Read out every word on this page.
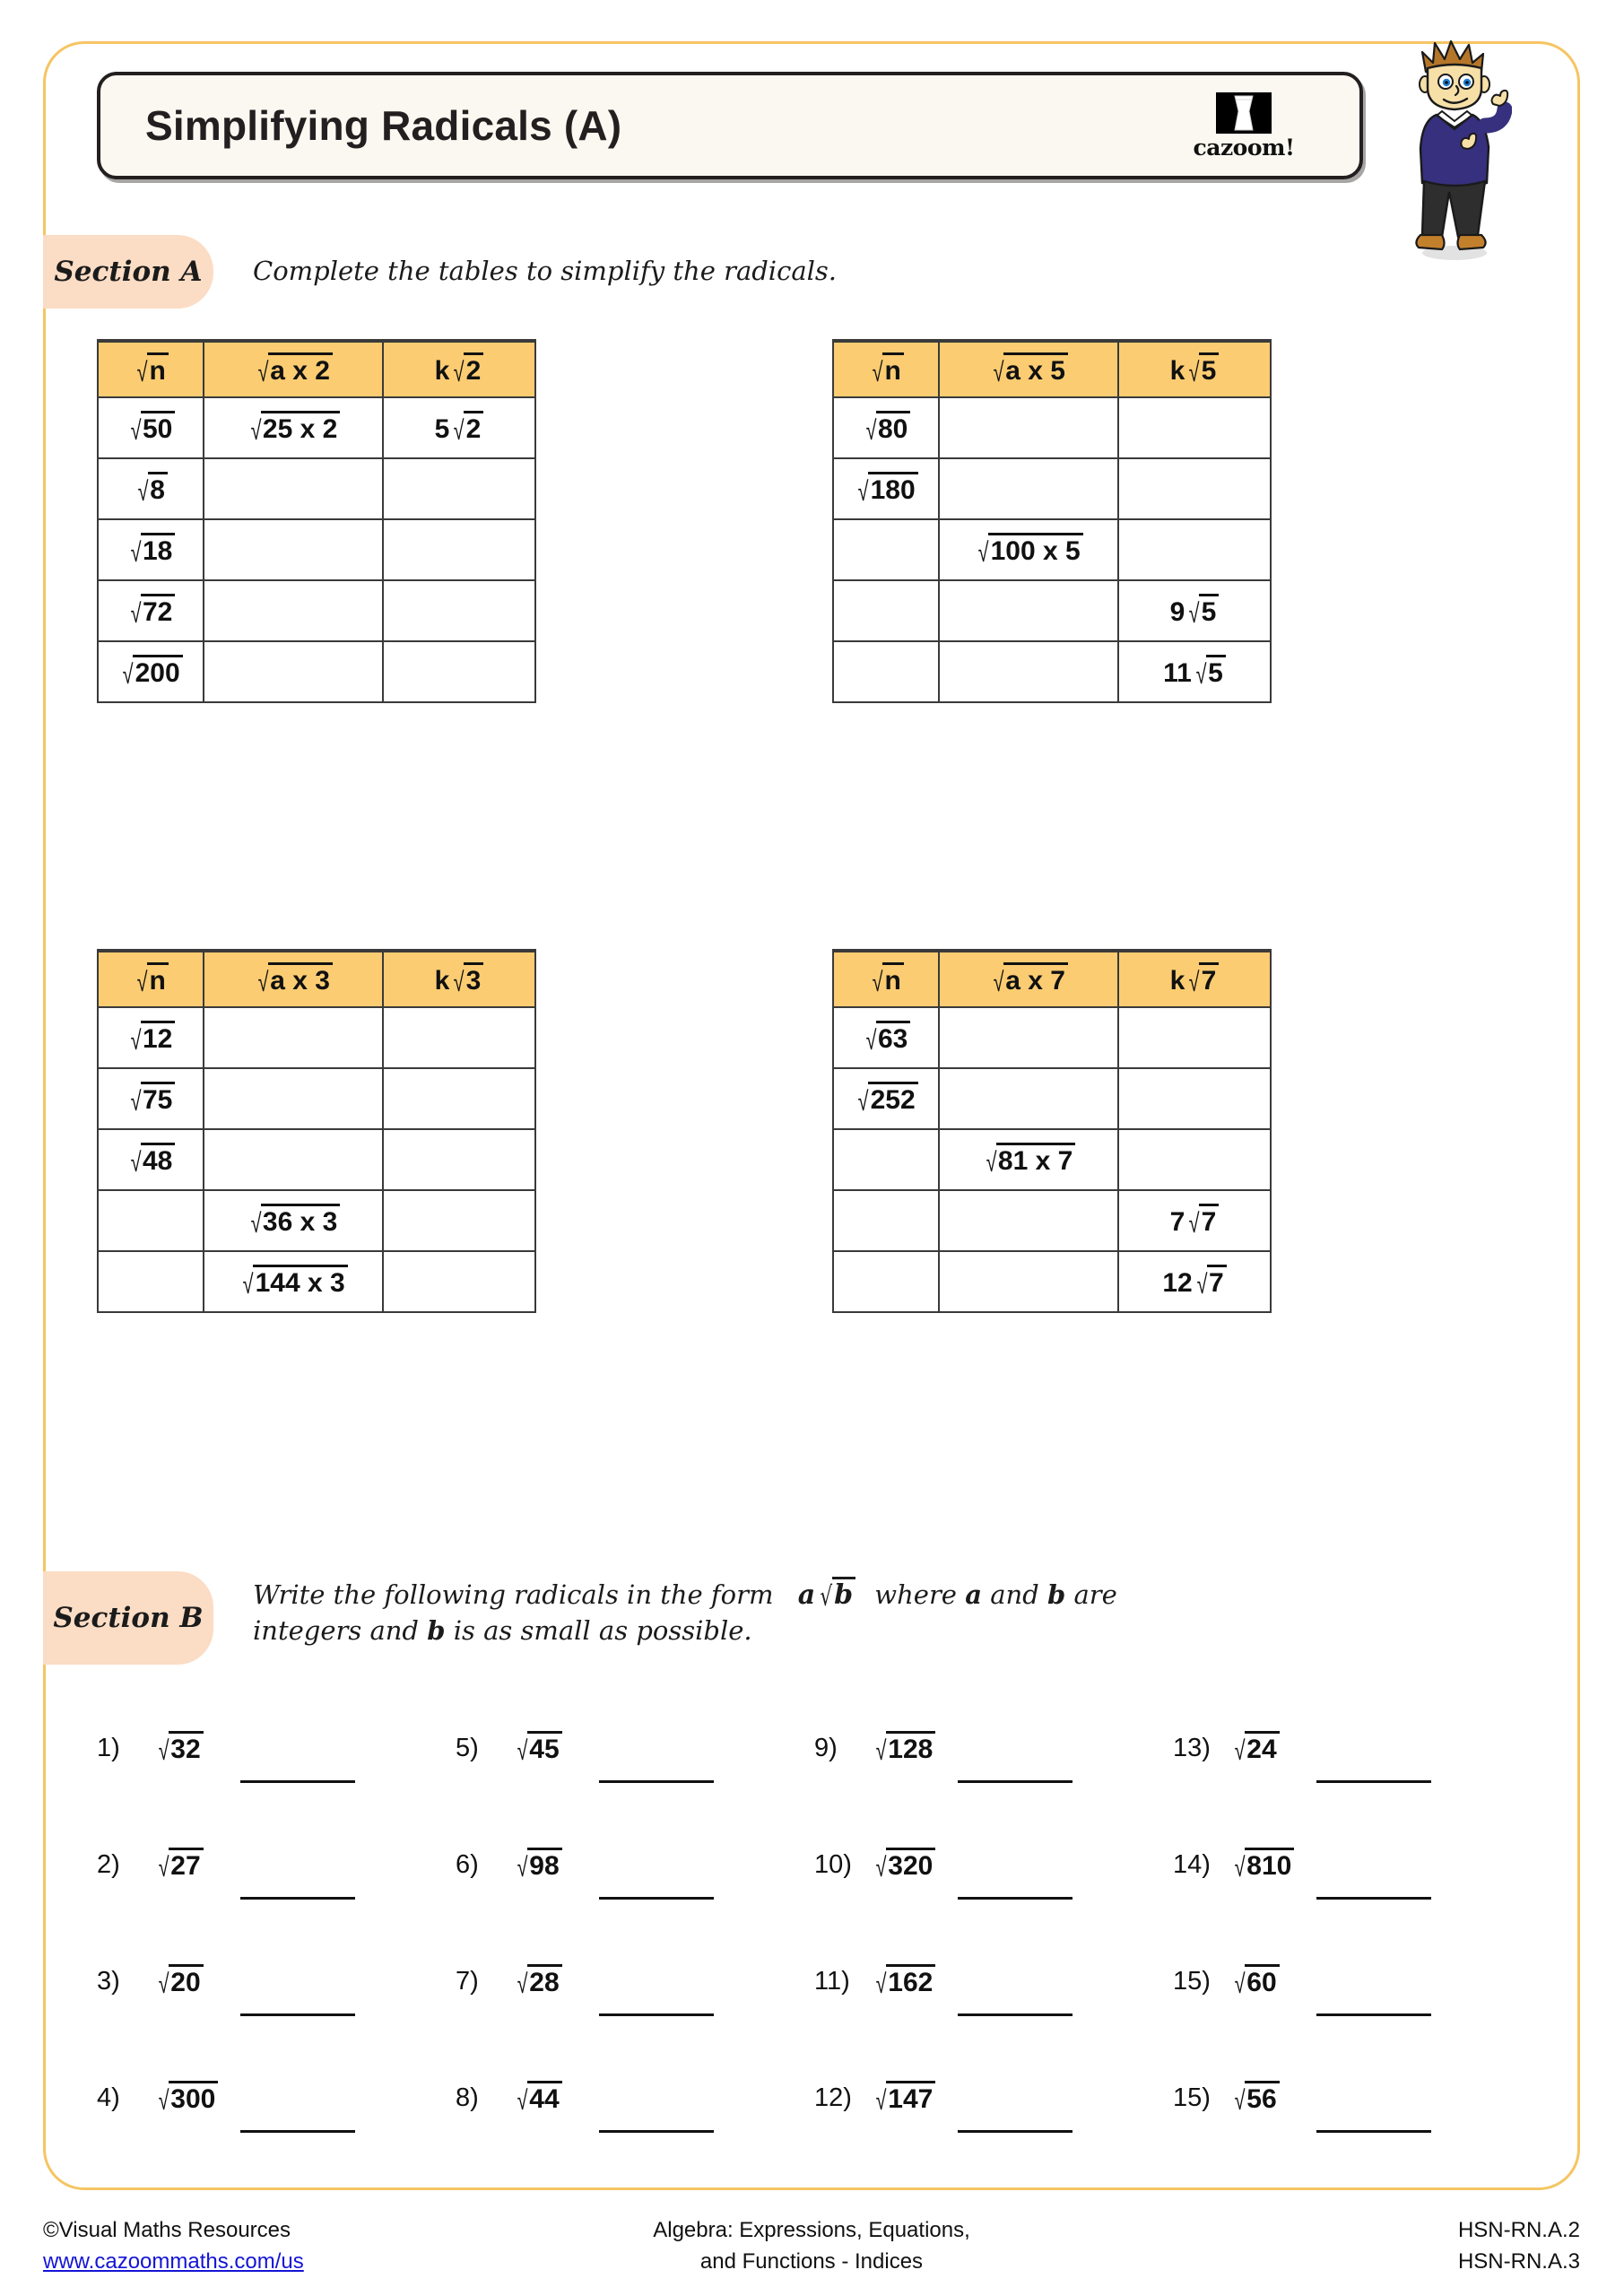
Simplifying Radicals (A)	cazoom!
Section A	Complete the tables to simplify the radicals.
√ n	√ a x 2	k √ 2

√ 50	√ 25 x 2	5 √ 2

√ 8		

√ 18		

√ 72		

√ 200		

√ n	√ a x 5	k √ 5

√ 80		

√ 180		

	√ 100 x 5	

		9 √ 5

		11 √ 5
√ n	√ a x 3	k √ 3

√ 12		

√ 75		

√ 48		

	√ 36 x 3	

	√ 144 x 3	

√ n	√ a x 7	k √ 7

√ 63		

√ 252		

	√ 81 x 7	

		7 √ 7

		12 √ 7
Section B
Write the following radicals in the form a √ b where a and b are
integers and b is as small as possible.
1)	√ 32	5)	√ 45	9)	√ 128	13) √ 24
2)	√ 27	6)	√ 98	10) √ 320	14) √ 810
3)	√ 20	7)	√ 28	11) √ 162	15) √ 60
4)	√ 300	8)	√ 44	12) √ 147	15) √ 56
©Visual Maths Resources
www.cazoommaths.com/us
Algebra: Expressions, Equations,
and Functions - Indices
HSN-RN.A.2
HSN-RN.A.3
